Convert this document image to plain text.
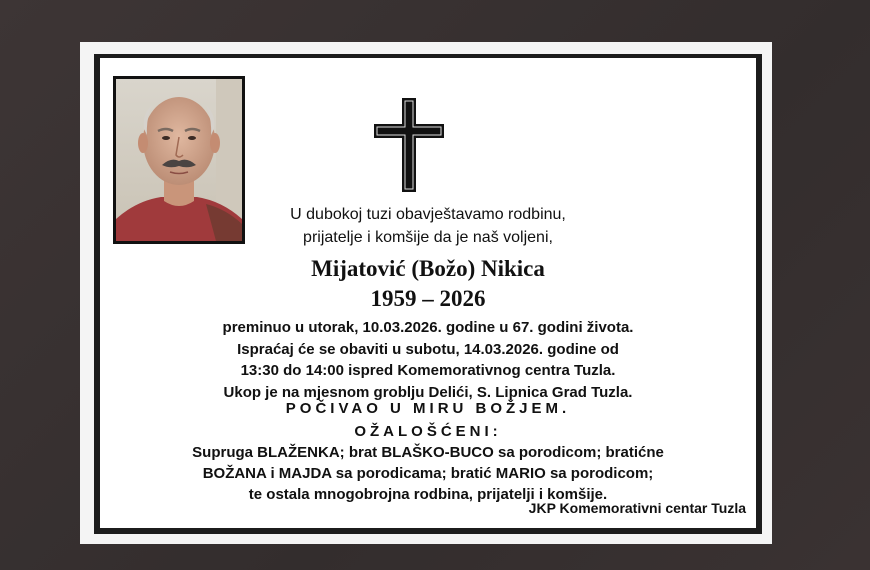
U dubokoj tuzi obavještavamo rodbinu,
prijatelje i komšije da je naš voljeni,
Mijatović (Božo) Nikica
1959 – 2026
preminuo u utorak, 10.03.2026. godine u 67. godini života.
Ispraćaj će se obaviti u subotu, 14.03.2026. godine od
13:30 do 14:00 ispred Komemorativnog centra Tuzla.
Ukop je na mjesnom groblju Delići, S. Lipnica Grad Tuzla.
POČIVAO U MIRU BOŽJEM.
OŽALOŠĆENI:
Supruga BLAŽENKA; brat BLAŠKO-BUCO sa porodicom; bratićne
BOŽANA i MAJDA sa porodicama; bratić MARIO sa porodicom;
te ostala mnogobrojna rodbina, prijatelji i komšije.
JKP Komemorativni centar Tuzla
